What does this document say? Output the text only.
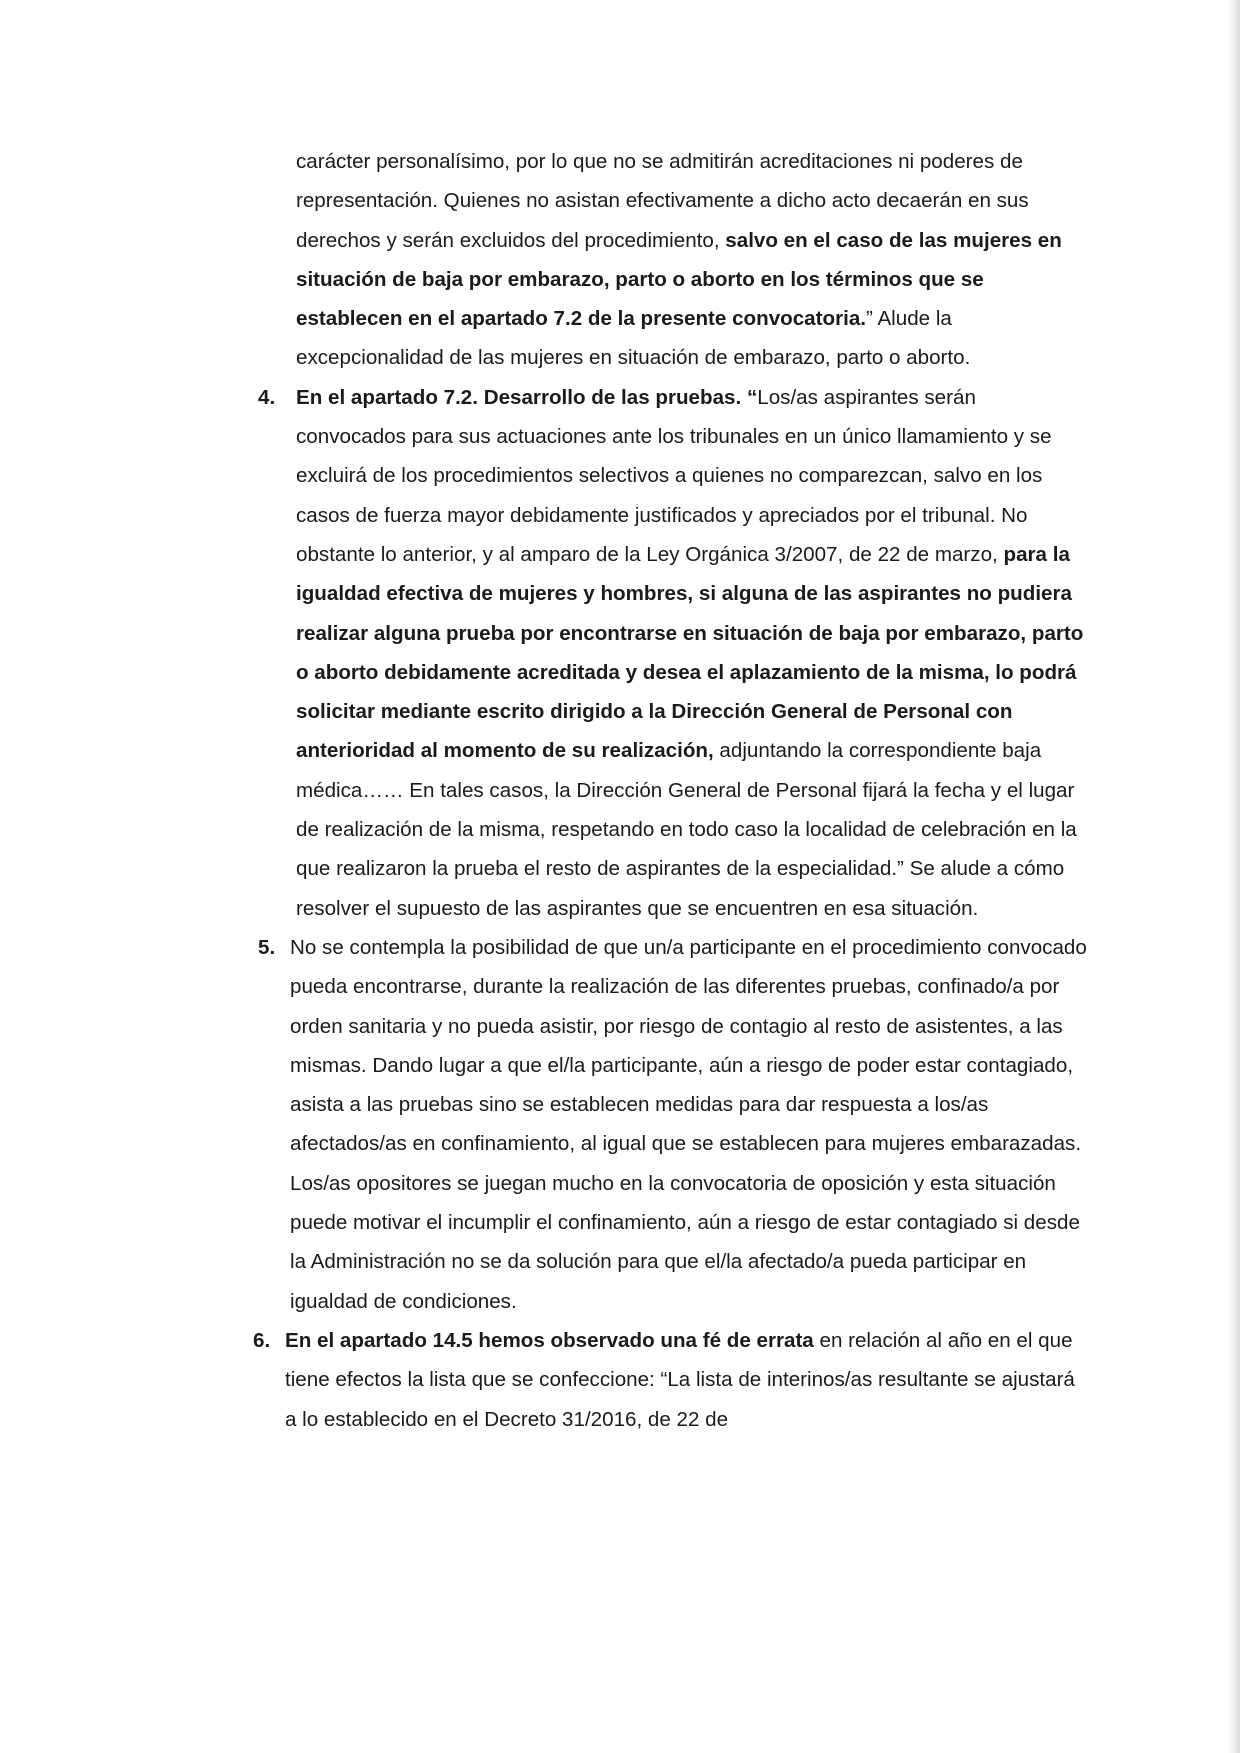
carácter personalísimo, por lo que no se admitirán acreditaciones ni poderes de representación. Quienes no asistan efectivamente a dicho acto decaerán en sus derechos y serán excluidos del procedimiento, salvo en el caso de las mujeres en situación de baja por embarazo, parto o aborto en los términos que se establecen en el apartado 7.2 de la presente convocatoria.” Alude la excepcionalidad de las mujeres en situación de embarazo, parto o aborto.

4. En el apartado 7.2. Desarrollo de las pruebas. “Los/as aspirantes serán convocados para sus actuaciones ante los tribunales en un único llamamiento y se excluirá de los procedimientos selectivos a quienes no comparezcan, salvo en los casos de fuerza mayor debidamente justificados y apreciados por el tribunal. No obstante lo anterior, y al amparo de la Ley Orgánica 3/2007, de 22 de marzo, para la igualdad efectiva de mujeres y hombres, si alguna de las aspirantes no pudiera realizar alguna prueba por encontrarse en situación de baja por embarazo, parto o aborto debidamente acreditada y desea el aplazamiento de la misma, lo podrá solicitar mediante escrito dirigido a la Dirección General de Personal con anterioridad al momento de su realización, adjuntando la correspondiente baja médica…… En tales casos, la Dirección General de Personal fijará la fecha y el lugar de realización de la misma, respetando en todo caso la localidad de celebración en la que realizaron la prueba el resto de aspirantes de la especialidad.” Se alude a cómo resolver el supuesto de las aspirantes que se encuentren en esa situación.

5. No se contempla la posibilidad de que un/a participante en el procedimiento convocado pueda encontrarse, durante la realización de las diferentes pruebas, confinado/a por orden sanitaria y no pueda asistir, por riesgo de contagio al resto de asistentes, a las mismas. Dando lugar a que el/la participante, aún a riesgo de poder estar contagiado, asista a las pruebas sino se establecen medidas para dar respuesta a los/as afectados/as en confinamiento, al igual que se establecen para mujeres embarazadas. Los/as opositores se juegan mucho en la convocatoria de oposición y esta situación puede motivar el incumplir el confinamiento, aún a riesgo de estar contagiado si desde la Administración no se da solución para que el/la afectado/a pueda participar en igualdad de condiciones.

6. En el apartado 14.5 hemos observado una fé de errata en relación al año en el que tiene efectos la lista que se confeccione: “La lista de interinos/as resultante se ajustará a lo establecido en el Decreto 31/2016, de 22 de
